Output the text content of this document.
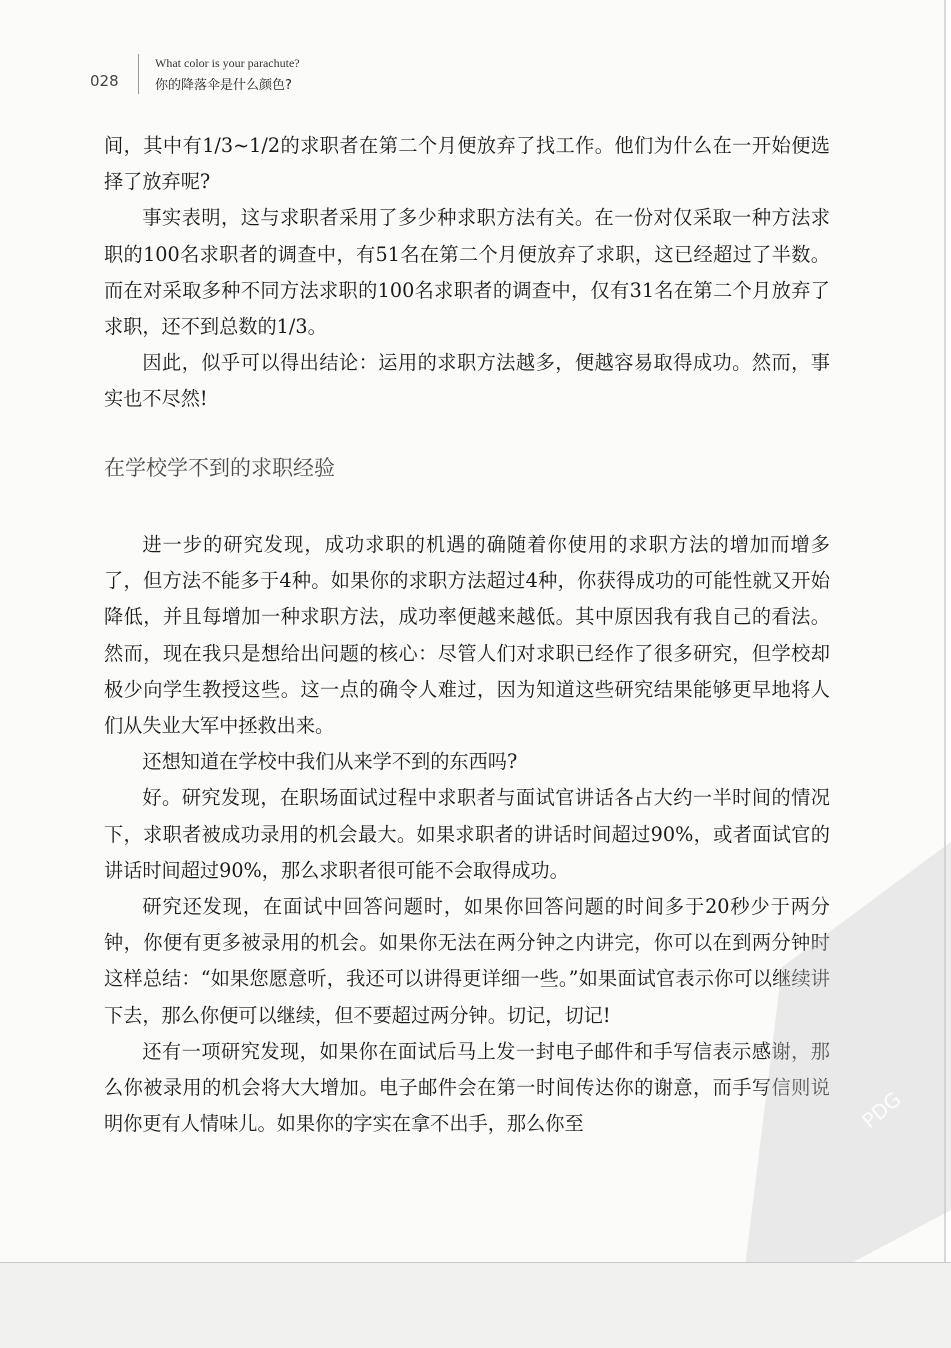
028
What color is your parachute?
你的降落伞是什么颜色?

间，其中有1/3~1/2的求职者在第二个月便放弃了找工作。他们为什么在一开始便选择了放弃呢?

事实表明，这与求职者采用了多少种求职方法有关。在一份对仅采取一种方法求职的100名求职者的调查中，有51名在第二个月便放弃了求职，这已经超过了半数。而在对采取多种不同方法求职的100名求职者的调查中，仅有31名在第二个月放弃了求职，还不到总数的1/3。

因此，似乎可以得出结论：运用的求职方法越多，便越容易取得成功。然而，事实也不尽然!

在学校学不到的求职经验

进一步的研究发现，成功求职的机遇的确随着你使用的求职方法的增加而增多了，但方法不能多于4种。如果你的求职方法超过4种，你获得成功的可能性就又开始降低，并且每增加一种求职方法，成功率便越来越低。其中原因我有我自己的看法。然而，现在我只是想给出问题的核心：尽管人们对求职已经作了很多研究，但学校却极少向学生教授这些。这一点的确令人难过，因为知道这些研究结果能够更早地将人们从失业大军中拯救出来。

还想知道在学校中我们从来学不到的东西吗?

好。研究发现，在职场面试过程中求职者与面试官讲话各占大约一半时间的情况下，求职者被成功录用的机会最大。如果求职者的讲话时间超过90%，或者面试官的讲话时间超过90%，那么求职者很可能不会取得成功。

研究还发现，在面试中回答问题时，如果你回答问题的时间多于20秒少于两分钟，你便有更多被录用的机会。如果你无法在两分钟之内讲完，你可以在到两分钟时这样总结：“如果您愿意听，我还可以讲得更详细一些。”如果面试官表示你可以继续讲下去，那么你便可以继续，但不要超过两分钟。切记，切记!

还有一项研究发现，如果你在面试后马上发一封电子邮件和手写信表示感谢，那么你被录用的机会将大大增加。电子邮件会在第一时间传达你的谢意，而手写信则说明你更有人情味儿。如果你的字实在拿不出手，那么你至	PDG
